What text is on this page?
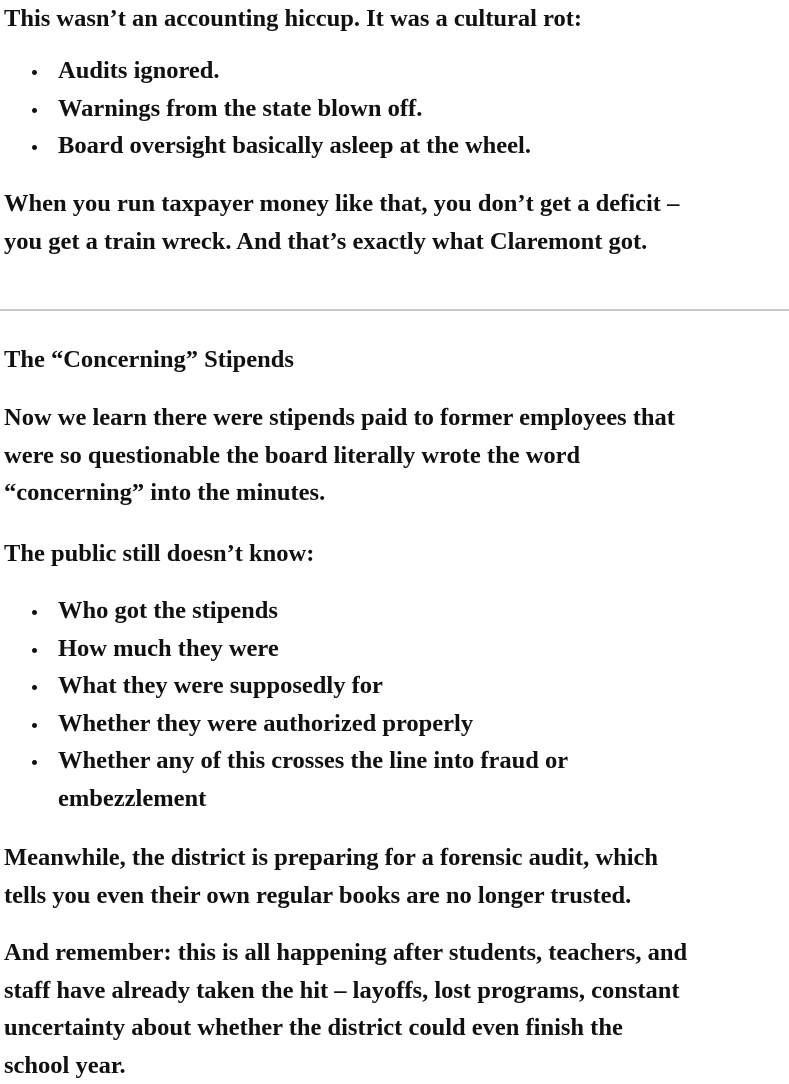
This wasn’t an accounting hiccup. It was a cultural rot:

Audits ignored.
Warnings from the state blown off.
Board oversight basically asleep at the wheel.
When you run taxpayer money like that, you don’t get a deficit –
you get a train wreck. And that’s exactly what Claremont got.
The “Concerning” Stipends
Now we learn there were stipends paid to former employees that
were so questionable the board literally wrote the word
“concerning” into the minutes.

The public still doesn’t know:

Who got the stipends
How much they were
What they were supposedly for
Whether they were authorized properly
Whether any of this crosses the line into fraud or
embezzlement
Meanwhile, the district is preparing for a forensic audit, which
tells you even their own regular books are no longer trusted.
And remember: this is all happening after students, teachers, and
staff have already taken the hit – layoffs, lost programs, constant
uncertainty about whether the district could even finish the
school year.
